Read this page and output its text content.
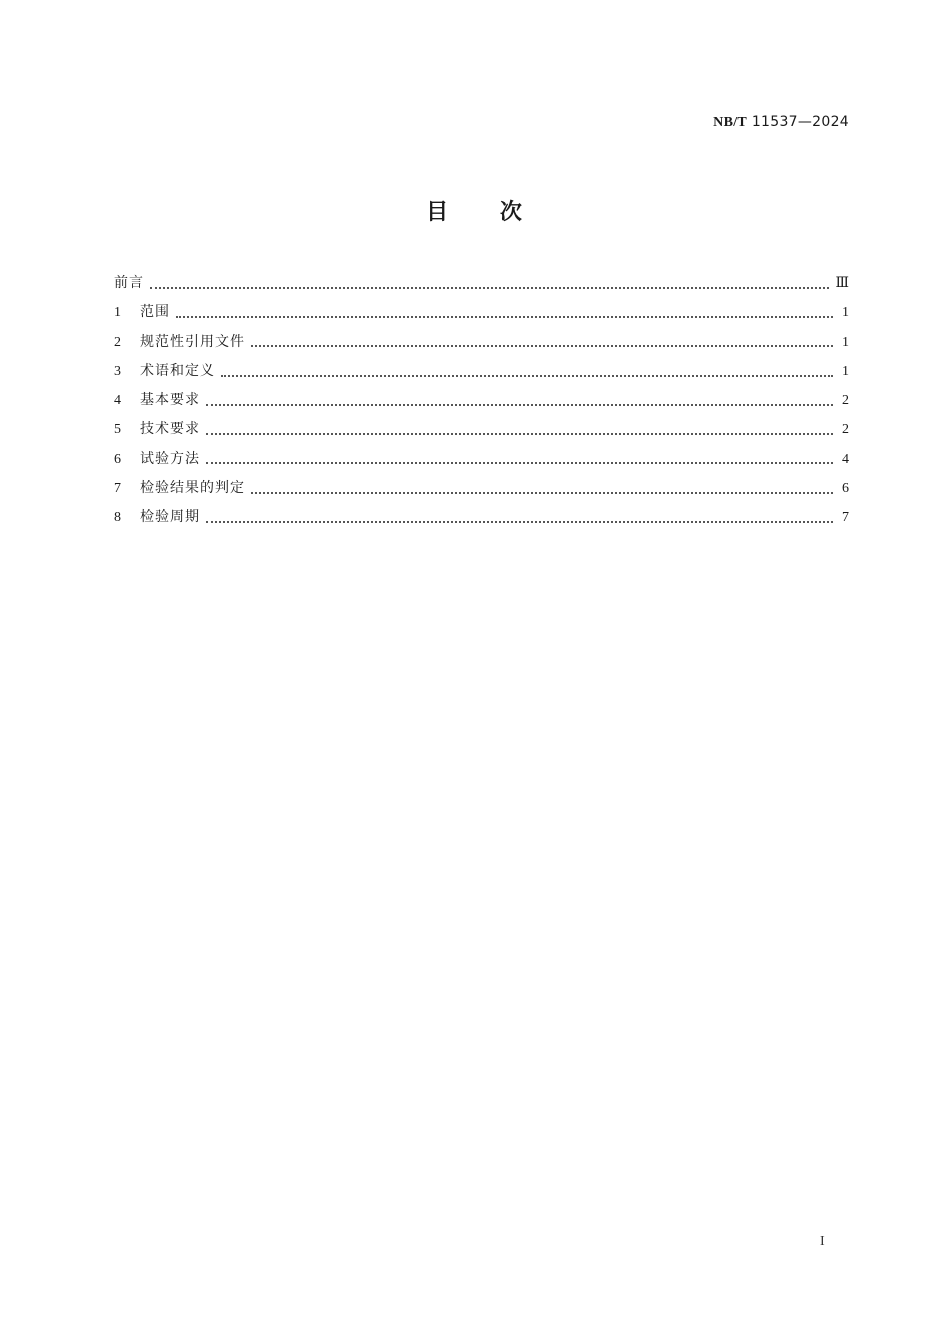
NB/T 11537—2024
目 次
前言	Ⅲ
1	范围	1
2	规范性引用文件	1
3	术语和定义	1
4	基本要求	2
5	技术要求	2
6	试验方法	4
7	检验结果的判定	6
8	检验周期	7
I
